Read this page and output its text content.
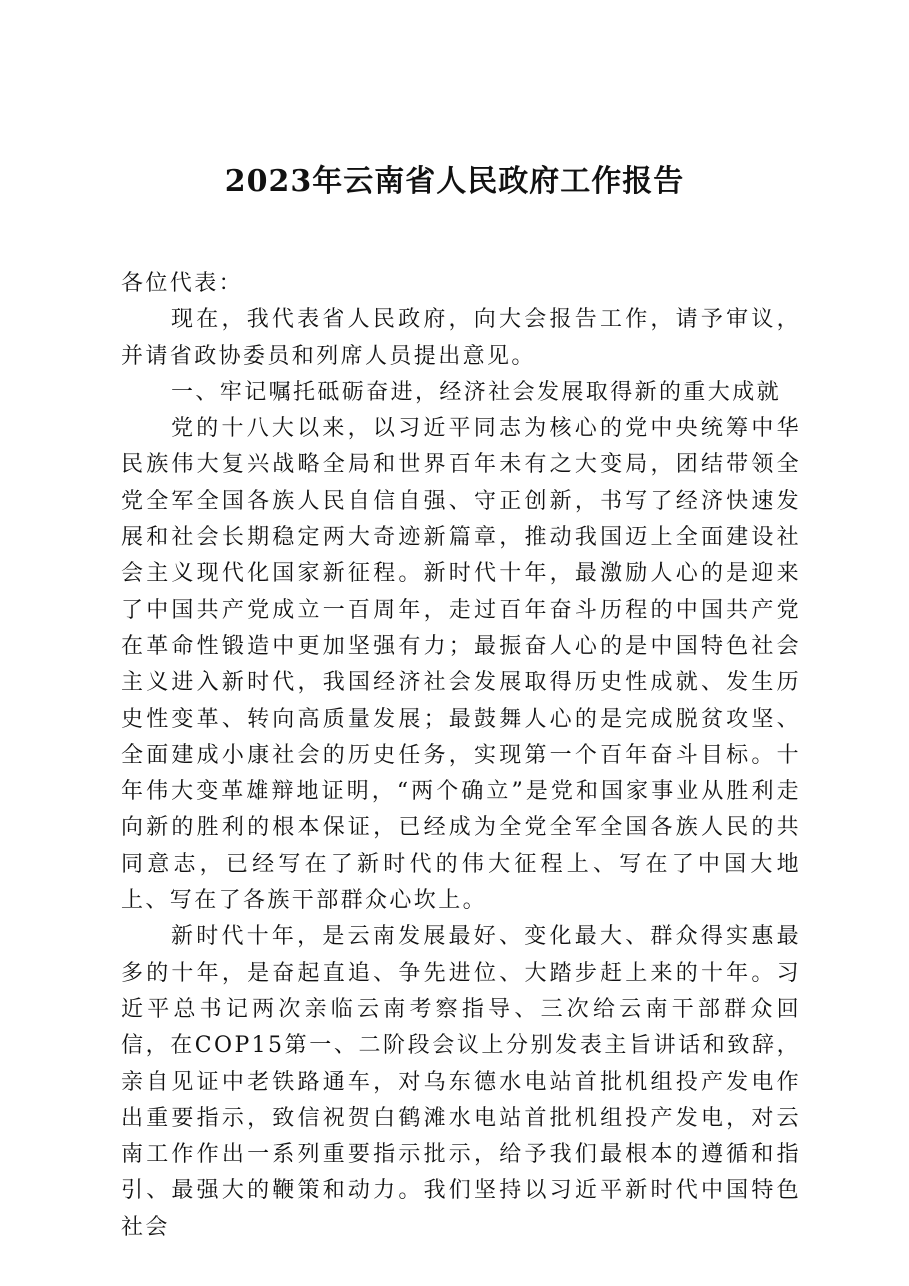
2023年云南省人民政府工作报告

各位代表：

现在，我代表省人民政府，向大会报告工作，请予审议，并请省政协委员和列席人员提出意见。

一、牢记嘱托砥砺奋进，经济社会发展取得新的重大成就

党的十八大以来，以习近平同志为核心的党中央统筹中华民族伟大复兴战略全局和世界百年未有之大变局，团结带领全党全军全国各族人民自信自强、守正创新，书写了经济快速发展和社会长期稳定两大奇迹新篇章，推动我国迈上全面建设社会主义现代化国家新征程。新时代十年，最激励人心的是迎来了中国共产党成立一百周年，走过百年奋斗历程的中国共产党在革命性锻造中更加坚强有力；最振奋人心的是中国特色社会主义进入新时代，我国经济社会发展取得历史性成就、发生历史性变革、转向高质量发展；最鼓舞人心的是完成脱贫攻坚、全面建成小康社会的历史任务，实现第一个百年奋斗目标。十年伟大变革雄辩地证明，“两个确立”是党和国家事业从胜利走向新的胜利的根本保证，已经成为全党全军全国各族人民的共同意志，已经写在了新时代的伟大征程上、写在了中国大地上、写在了各族干部群众心坎上。

新时代十年，是云南发展最好、变化最大、群众得实惠最多的十年，是奋起直追、争先进位、大踏步赶上来的十年。习近平总书记两次亲临云南考察指导、三次给云南干部群众回信，在COP15第一、二阶段会议上分别发表主旨讲话和致辞，亲自见证中老铁路通车，对乌东德水电站首批机组投产发电作出重要指示，致信祝贺白鹤滩水电站首批机组投产发电，对云南工作作出一系列重要指示批示，给予我们最根本的遵循和指引、最强大的鞭策和动力。我们坚持以习近平新时代中国特色社会
